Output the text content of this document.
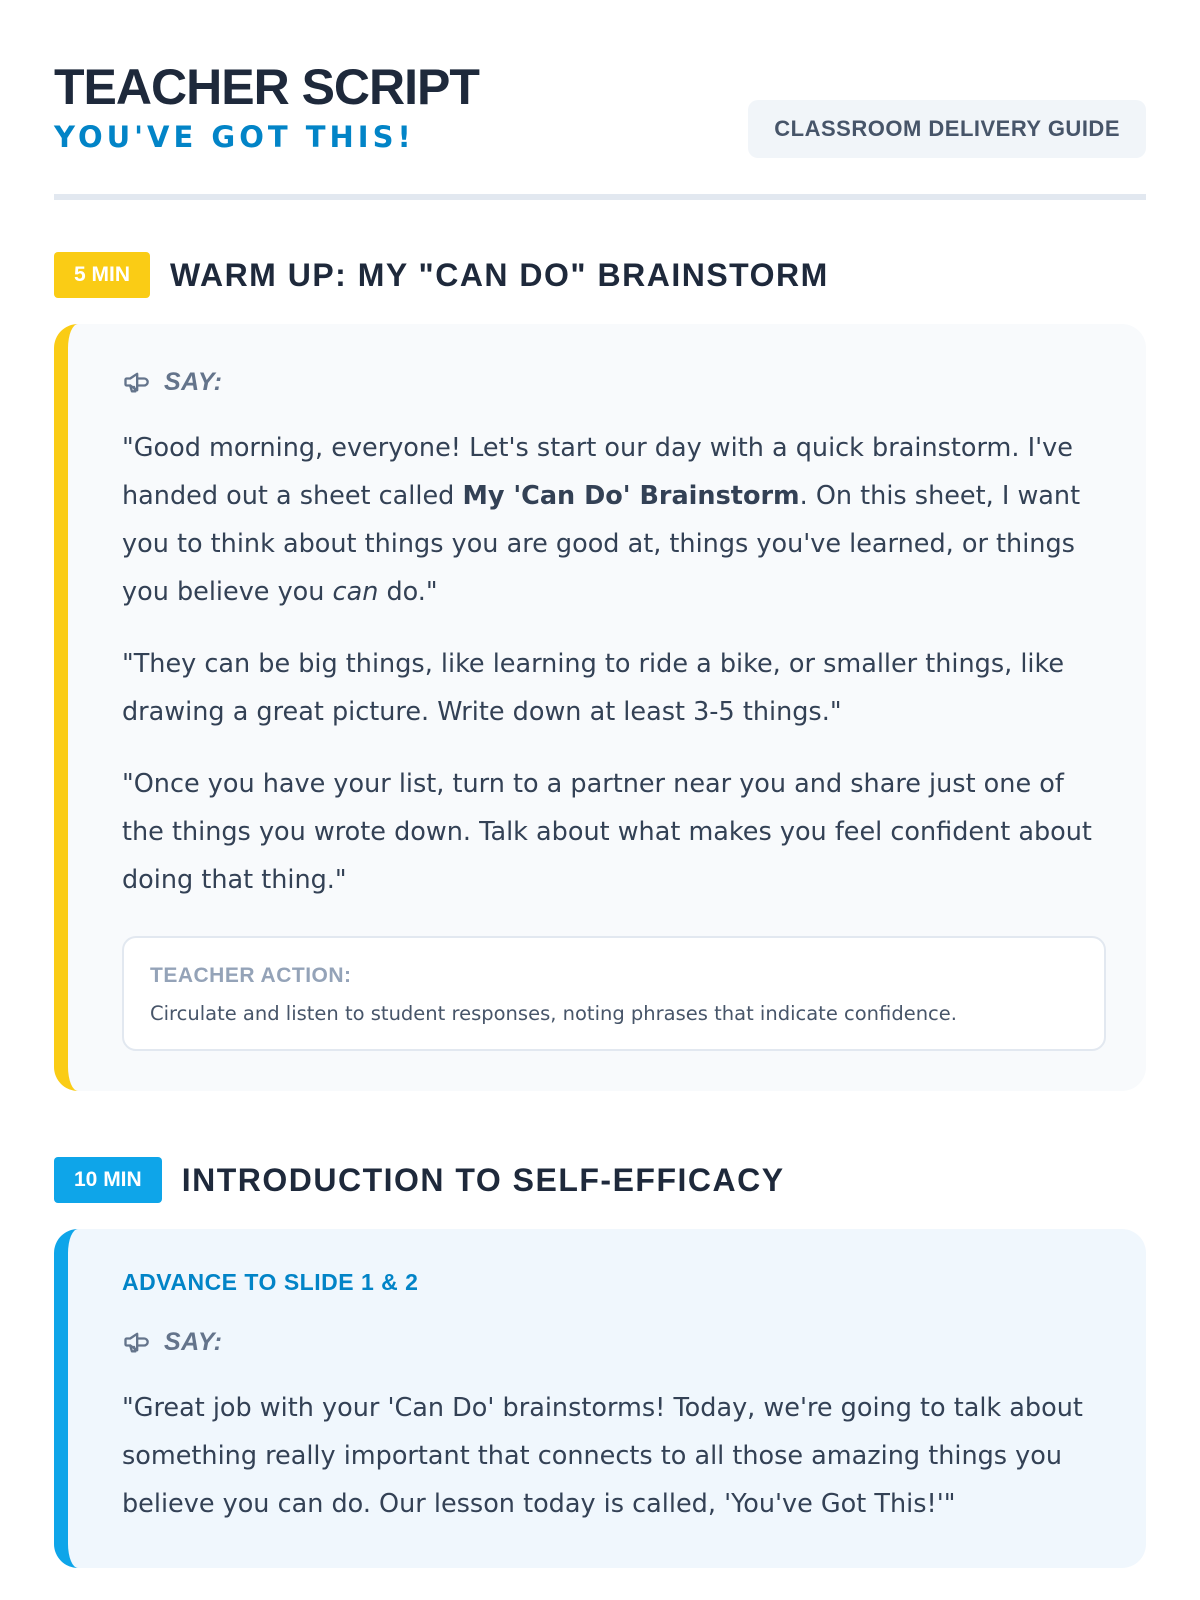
TEACHER SCRIPT
YOU'VE GOT THIS!	CLASSROOM DELIVERY GUIDE
5 MIN	WARM UP: MY "CAN DO" BRAINSTORM
SAY:

"Good morning, everyone! Let's start our day with a quick brainstorm. I've handed out a sheet called My 'Can Do' Brainstorm. On this sheet, I want you to think about things you are good at, things you've learned, or things you believe you can do."

"They can be big things, like learning to ride a bike, or smaller things, like drawing a great picture. Write down at least 3-5 things."

"Once you have your list, turn to a partner near you and share just one of the things you wrote down. Talk about what makes you feel confident about doing that thing."

TEACHER ACTION:
Circulate and listen to student responses, noting phrases that indicate confidence.
10 MIN	INTRODUCTION TO SELF-EFFICACY
ADVANCE TO SLIDE 1 & 2
SAY:

"Great job with your 'Can Do' brainstorms! Today, we're going to talk about something really important that connects to all those amazing things you believe you can do. Our lesson today is called, 'You've Got This!'"
